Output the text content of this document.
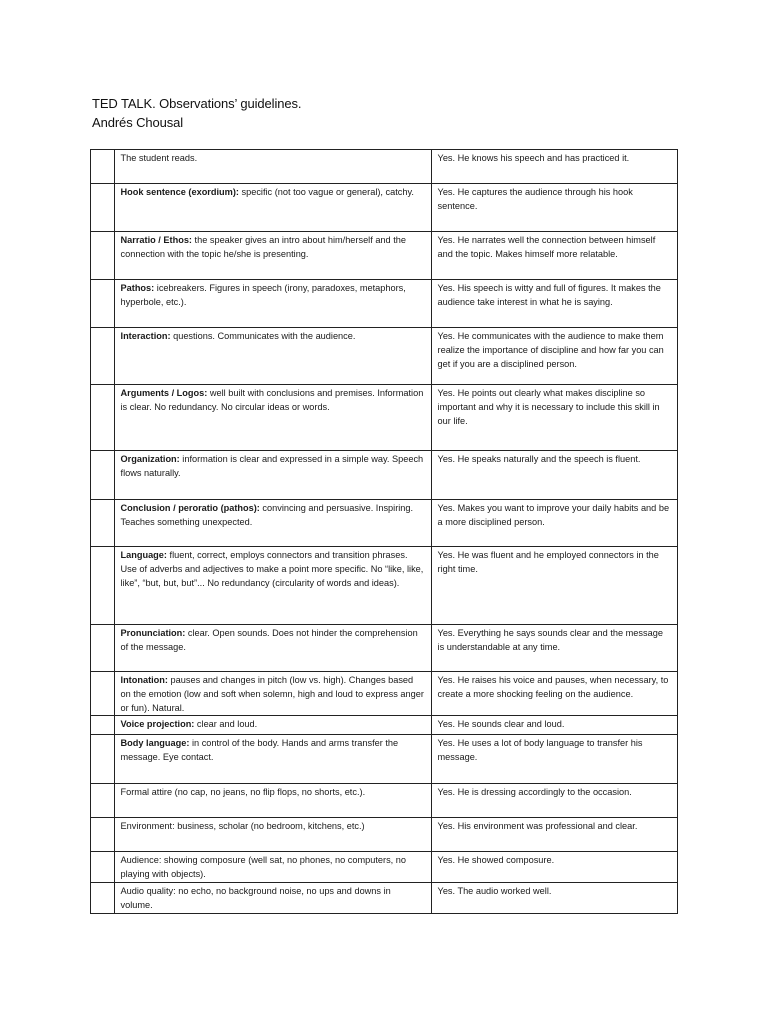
TED TALK. Observations’ guidelines.
Andrés Chousal
	The student reads.	Yes. He knows his speech and has practiced it.
	Hook sentence (exordium): specific (not too vague or general), catchy.	Yes. He captures the audience through his hook sentence.
	Narratio / Ethos: the speaker gives an intro about him/herself and the connection with the topic he/she is presenting.	Yes. He narrates well the connection between himself and the topic. Makes himself more relatable.
	Pathos: icebreakers. Figures in speech (irony, paradoxes, metaphors, hyperbole, etc.).	Yes. His speech is witty and full of figures. It makes the audience take interest in what he is saying.
	Interaction: questions. Communicates with the audience.	Yes. He communicates with the audience to make them realize the importance of discipline and how far you can get if you are a disciplined person.
	Arguments / Logos: well built with conclusions and premises. Information is clear. No redundancy. No circular ideas or words.	Yes. He points out clearly what makes discipline so important and why it is necessary to include this skill in our life.
	Organization: information is clear and expressed in a simple way. Speech flows naturally.	Yes. He speaks naturally and the speech is fluent.
	Conclusion / peroratio (pathos): convincing and persuasive. Inspiring. Teaches something unexpected.	Yes. Makes you want to improve your daily habits and be a more disciplined person.
	Language: fluent, correct, employs connectors and transition phrases. Use of adverbs and adjectives to make a point more specific. No “like, like, like”, “but, but, but”... No redundancy (circularity of words and ideas).	Yes. He was fluent and he employed connectors in the right time.
	Pronunciation: clear. Open sounds. Does not hinder the comprehension of the message.	Yes. Everything he says sounds clear and the message is understandable at any time.
	Intonation: pauses and changes in pitch (low vs. high). Changes based on the emotion (low and soft when solemn, high and loud to express anger or fun). Natural.	Yes. He raises his voice and pauses, when necessary, to create a more shocking feeling on the audience.
	Voice projection: clear and loud.	Yes. He sounds clear and loud.
	Body language: in control of the body. Hands and arms transfer the message. Eye contact.	Yes. He uses a lot of body language to transfer his message.
	Formal attire (no cap, no jeans, no flip flops, no shorts, etc.).	Yes. He is dressing accordingly to the occasion.
	Environment: business, scholar (no bedroom, kitchens, etc.)	Yes. His environment was professional and clear.
	Audience: showing composure (well sat, no phones, no computers, no playing with objects).	Yes. He showed composure.
	Audio quality: no echo, no background noise, no ups and downs in volume.	Yes. The audio worked well.
